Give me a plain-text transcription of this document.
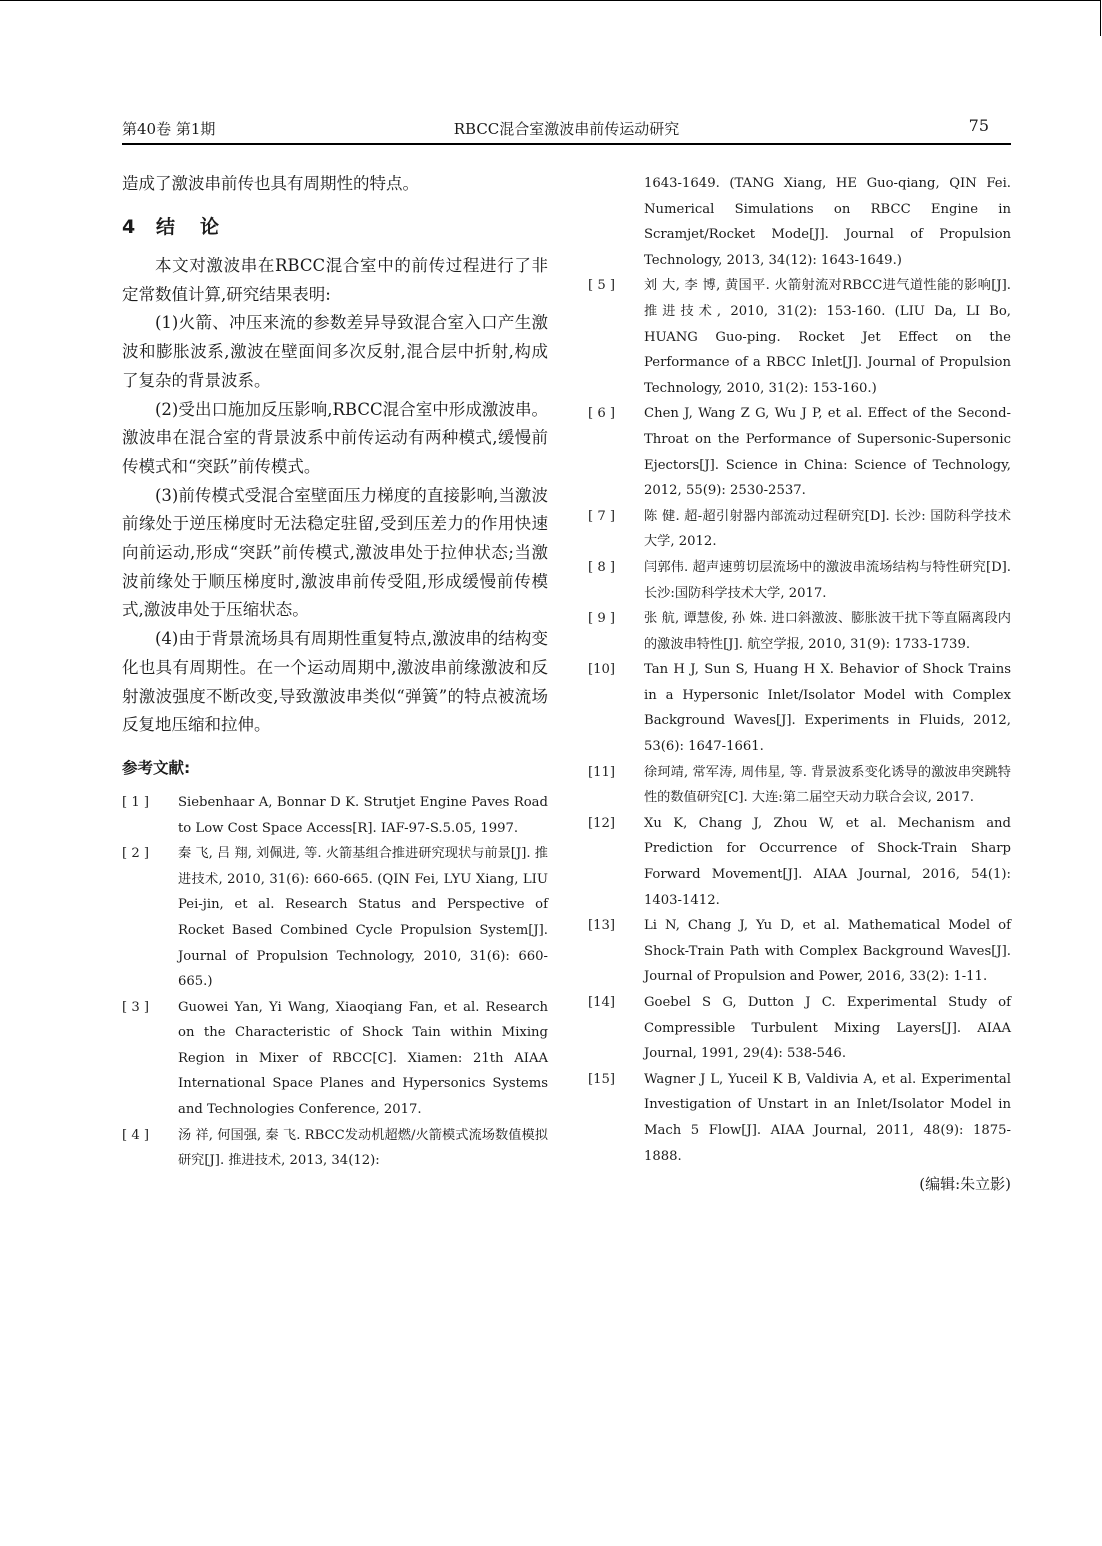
第40卷 第1期	RBCC混合室激波串前传运动研究	75

造成了激波串前传也具有周期性的特点。

4 结 论

本文对激波串在RBCC混合室中的前传过程进行了非定常数值计算,研究结果表明:

(1)火箭、冲压来流的参数差异导致混合室入口产生激波和膨胀波系,激波在壁面间多次反射,混合层中折射,构成了复杂的背景波系。

(2)受出口施加反压影响,RBCC混合室中形成激波串。激波串在混合室的背景波系中前传运动有两种模式,缓慢前传模式和“突跃”前传模式。

(3)前传模式受混合室壁面压力梯度的直接影响,当激波前缘处于逆压梯度时无法稳定驻留,受到压差力的作用快速向前运动,形成“突跃”前传模式,激波串处于拉伸状态;当激波前缘处于顺压梯度时,激波串前传受阻,形成缓慢前传模式,激波串处于压缩状态。

(4)由于背景流场具有周期性重复特点,激波串的结构变化也具有周期性。在一个运动周期中,激波串前缘激波和反射激波强度不断改变,导致激波串类似“弹簧”的特点被流场反复地压缩和拉伸。

参考文献:
[ 1 ]	Siebenhaar A, Bonnar D K. Strutjet Engine Paves Road to Low Cost Space Access[R]. IAF-97-S.5.05, 1997.
[ 2 ]	秦 飞, 吕 翔, 刘佩进, 等. 火箭基组合推进研究现状与前景[J]. 推进技术, 2010, 31(6): 660-665. (QIN Fei, LYU Xiang, LIU Pei-jin, et al. Research Status and Perspective of Rocket Based Combined Cycle Propulsion System[J]. Journal of Propulsion Technology, 2010, 31(6): 660-665.)
[ 3 ]	Guowei Yan, Yi Wang, Xiaoqiang Fan, et al. Research on the Characteristic of Shock Tain within Mixing Region in Mixer of RBCC[C]. Xiamen: 21th AIAA International Space Planes and Hypersonics Systems and Technologies Conference, 2017.
[ 4 ]	汤 祥, 何国强, 秦 飞. RBCC发动机超燃/火箭模式流场数值模拟研究[J]. 推进技术, 2013, 34(12):
1643-1649. (TANG Xiang, HE Guo-qiang, QIN Fei. Numerical Simulations on RBCC Engine in Scramjet/Rocket Mode[J]. Journal of Propulsion Technology, 2013, 34(12): 1643-1649.)
[ 5 ]	刘 大, 李 博, 黄国平. 火箭射流对RBCC进气道性能的影响[J]. 推进技术, 2010, 31(2): 153-160. (LIU Da, LI Bo, HUANG Guo-ping. Rocket Jet Effect on the Performance of a RBCC Inlet[J]. Journal of Propulsion Technology, 2010, 31(2): 153-160.)
[ 6 ]	Chen J, Wang Z G, Wu J P, et al. Effect of the Second-Throat on the Performance of Supersonic-Supersonic Ejectors[J]. Science in China: Science of Technology, 2012, 55(9): 2530-2537.
[ 7 ]	陈 健. 超-超引射器内部流动过程研究[D]. 长沙: 国防科学技术大学, 2012.
[ 8 ]	闫郭伟. 超声速剪切层流场中的激波串流场结构与特性研究[D]. 长沙:国防科学技术大学, 2017.
[ 9 ]	张 航, 谭慧俊, 孙 姝. 进口斜激波、膨胀波干扰下等直隔离段内的激波串特性[J]. 航空学报, 2010, 31(9): 1733-1739.
[10]	Tan H J, Sun S, Huang H X. Behavior of Shock Trains in a Hypersonic Inlet/Isolator Model with Complex Background Waves[J]. Experiments in Fluids, 2012, 53(6): 1647-1661.
[11]	徐珂靖, 常军涛, 周伟星, 等. 背景波系变化诱导的激波串突跳特性的数值研究[C]. 大连:第二届空天动力联合会议, 2017.
[12]	Xu K, Chang J, Zhou W, et al. Mechanism and Prediction for Occurrence of Shock-Train Sharp Forward Movement[J]. AIAA Journal, 2016, 54(1): 1403-1412.
[13]	Li N, Chang J, Yu D, et al. Mathematical Model of Shock-Train Path with Complex Background Waves[J]. Journal of Propulsion and Power, 2016, 33(2): 1-11.
[14]	Goebel S G, Dutton J C. Experimental Study of Compressible Turbulent Mixing Layers[J]. AIAA Journal, 1991, 29(4): 538-546.
[15]	Wagner J L, Yuceil K B, Valdivia A, et al. Experimental Investigation of Unstart in an Inlet/Isolator Model in Mach 5 Flow[J]. AIAA Journal, 2011, 48(9): 1875-1888.
(编辑:朱立影)
